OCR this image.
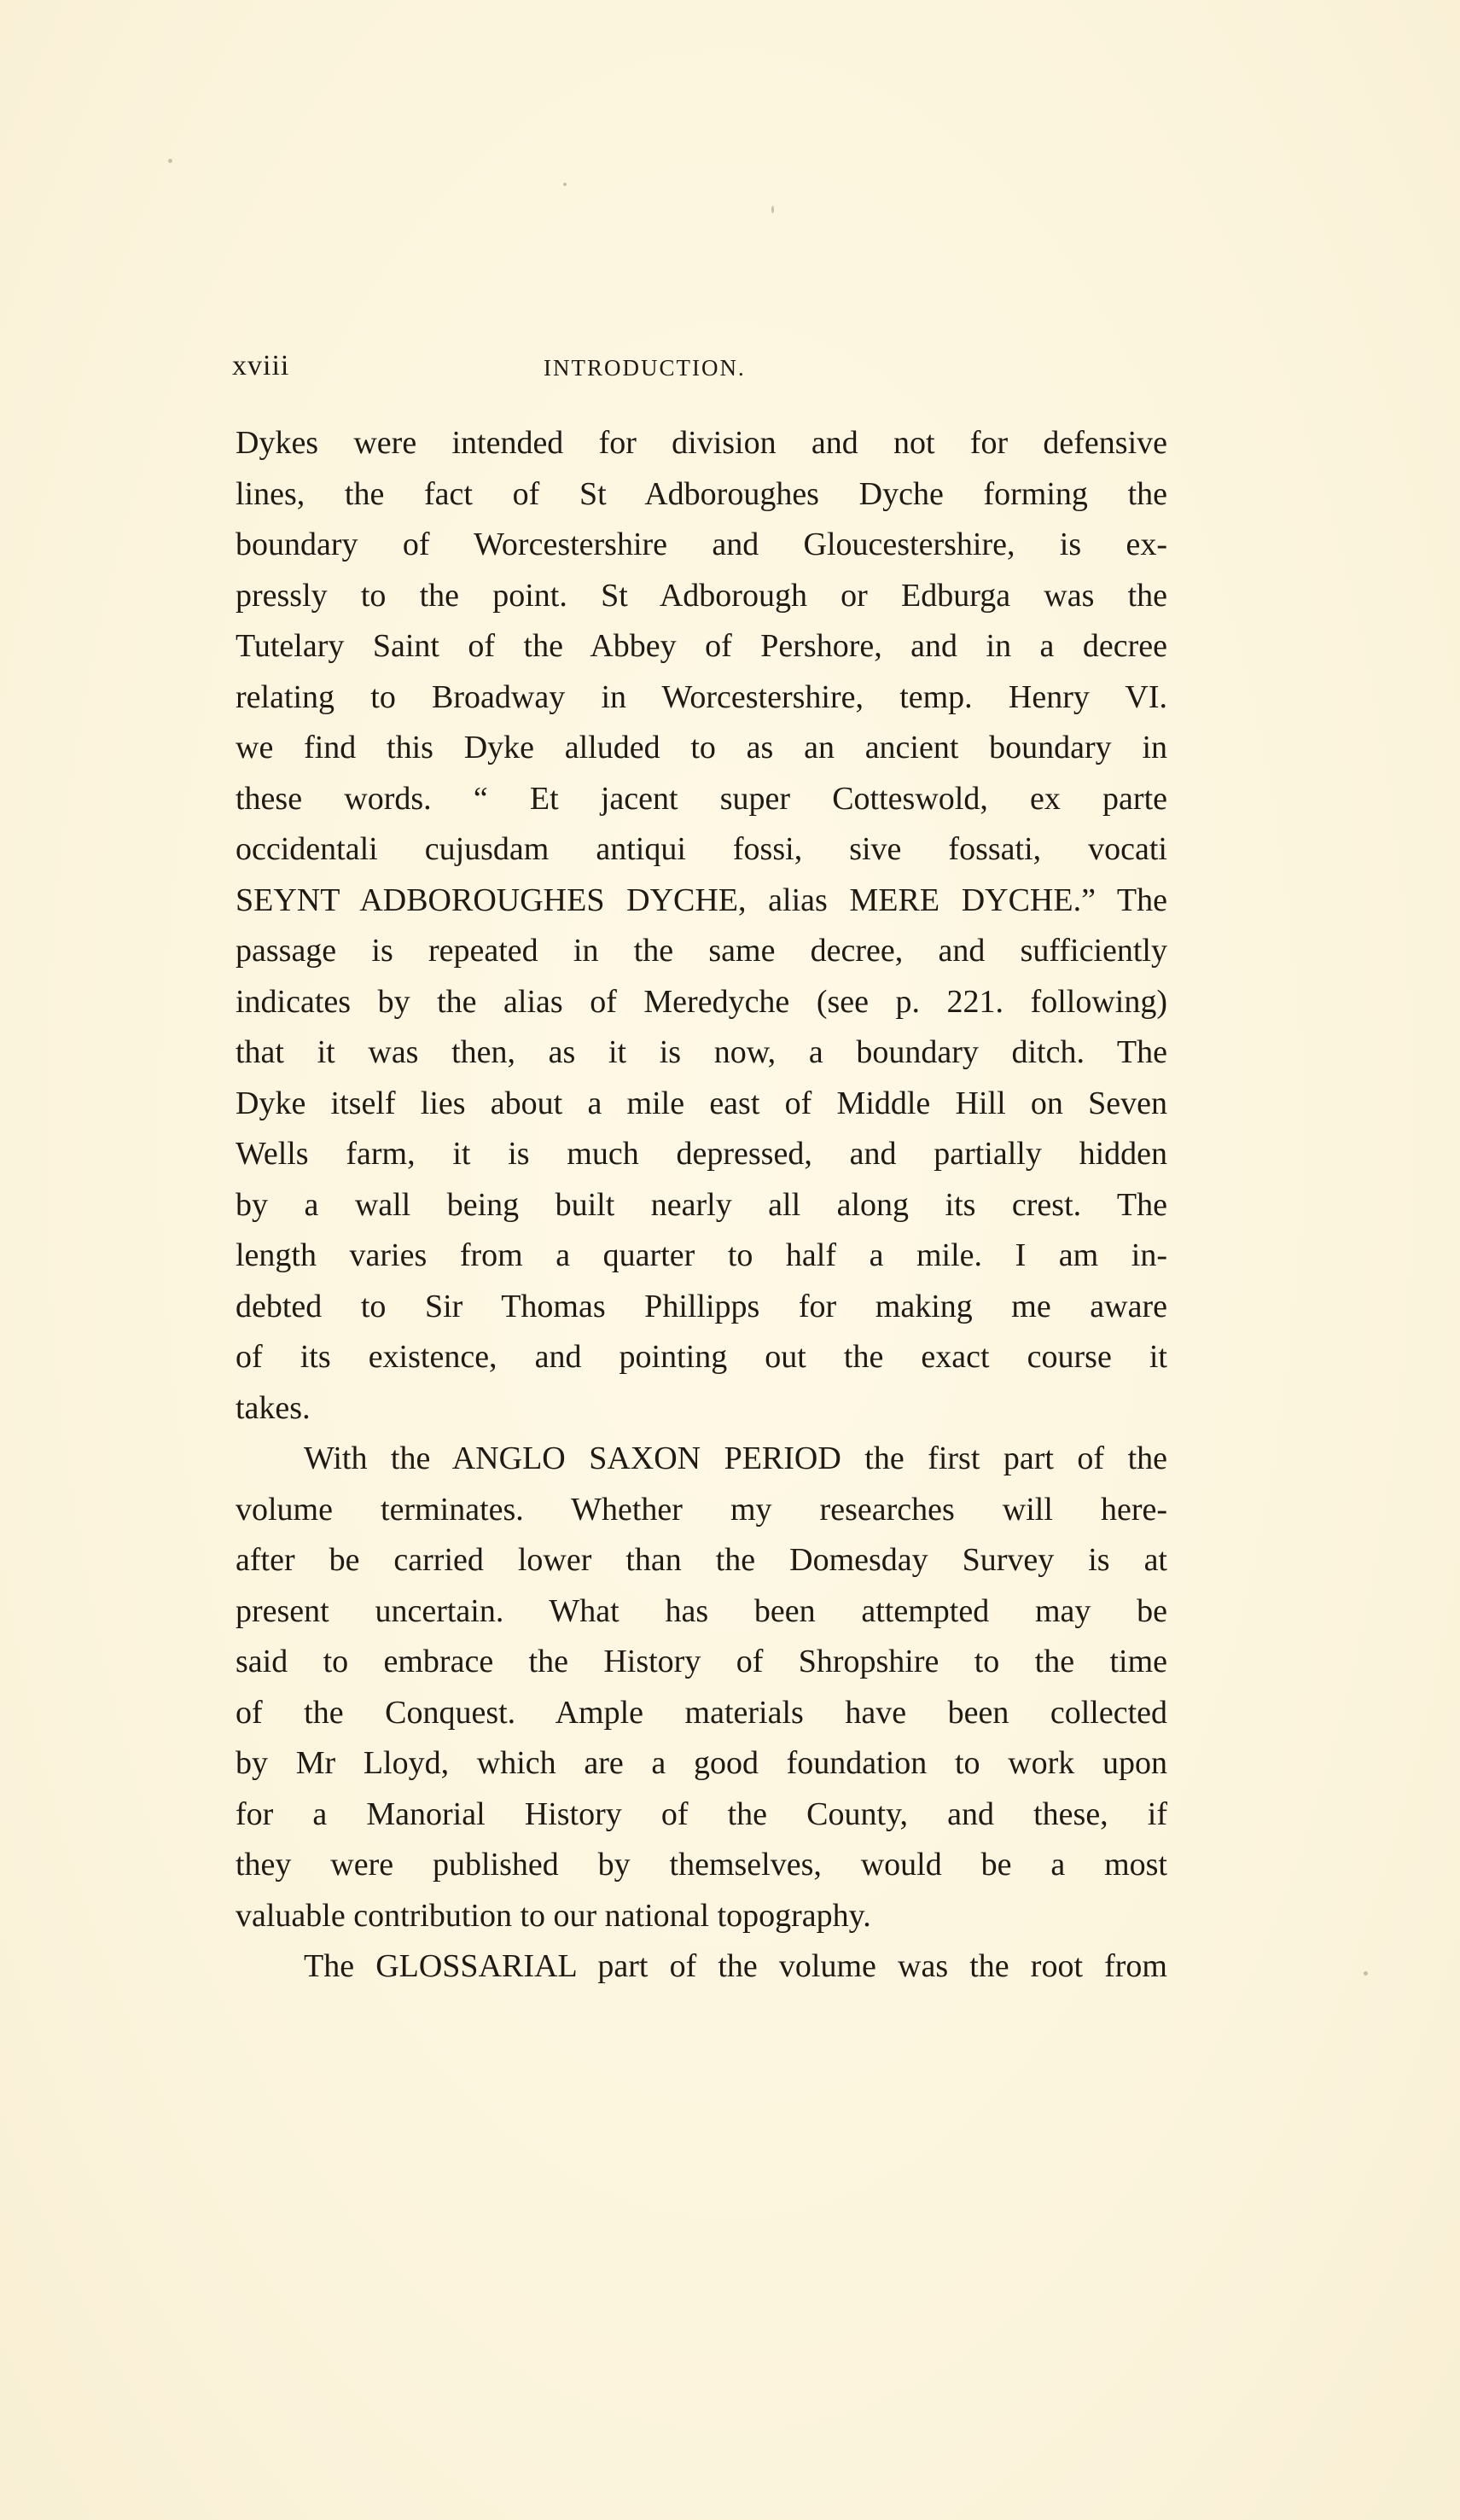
xviii	INTRODUCTION.
Dykes were intended for division and not for defensive
lines, the fact of St Adboroughes Dyche forming the
boundary of Worcestershire and Gloucestershire, is ex-
pressly to the point. St Adborough or Edburga was the
Tutelary Saint of the Abbey of Pershore, and in a decree
relating to Broadway in Worcestershire, temp. Henry VI.
we find this Dyke alluded to as an ancient boundary in
these words. “ Et jacent super Cotteswold, ex parte
occidentali cujusdam antiqui fossi, sive fossati, vocati
SEYNT ADBOROUGHES DYCHE, alias MERE DYCHE.” The
passage is repeated in the same decree, and sufficiently
indicates by the alias of Meredyche (see p. 221. following)
that it was then, as it is now, a boundary ditch. The
Dyke itself lies about a mile east of Middle Hill on Seven
Wells farm, it is much depressed, and partially hidden
by a wall being built nearly all along its crest. The
length varies from a quarter to half a mile. I am in-
debted to Sir Thomas Phillipps for making me aware
of its existence, and pointing out the exact course it
takes.
With the ANGLO SAXON PERIOD the first part of the
volume terminates. Whether my researches will here-
after be carried lower than the Domesday Survey is at
present uncertain. What has been attempted may be
said to embrace the History of Shropshire to the time
of the Conquest. Ample materials have been collected
by Mr Lloyd, which are a good foundation to work upon
for a Manorial History of the County, and these, if
they were published by themselves, would be a most
valuable contribution to our national topography.
The GLOSSARIAL part of the volume was the root from
